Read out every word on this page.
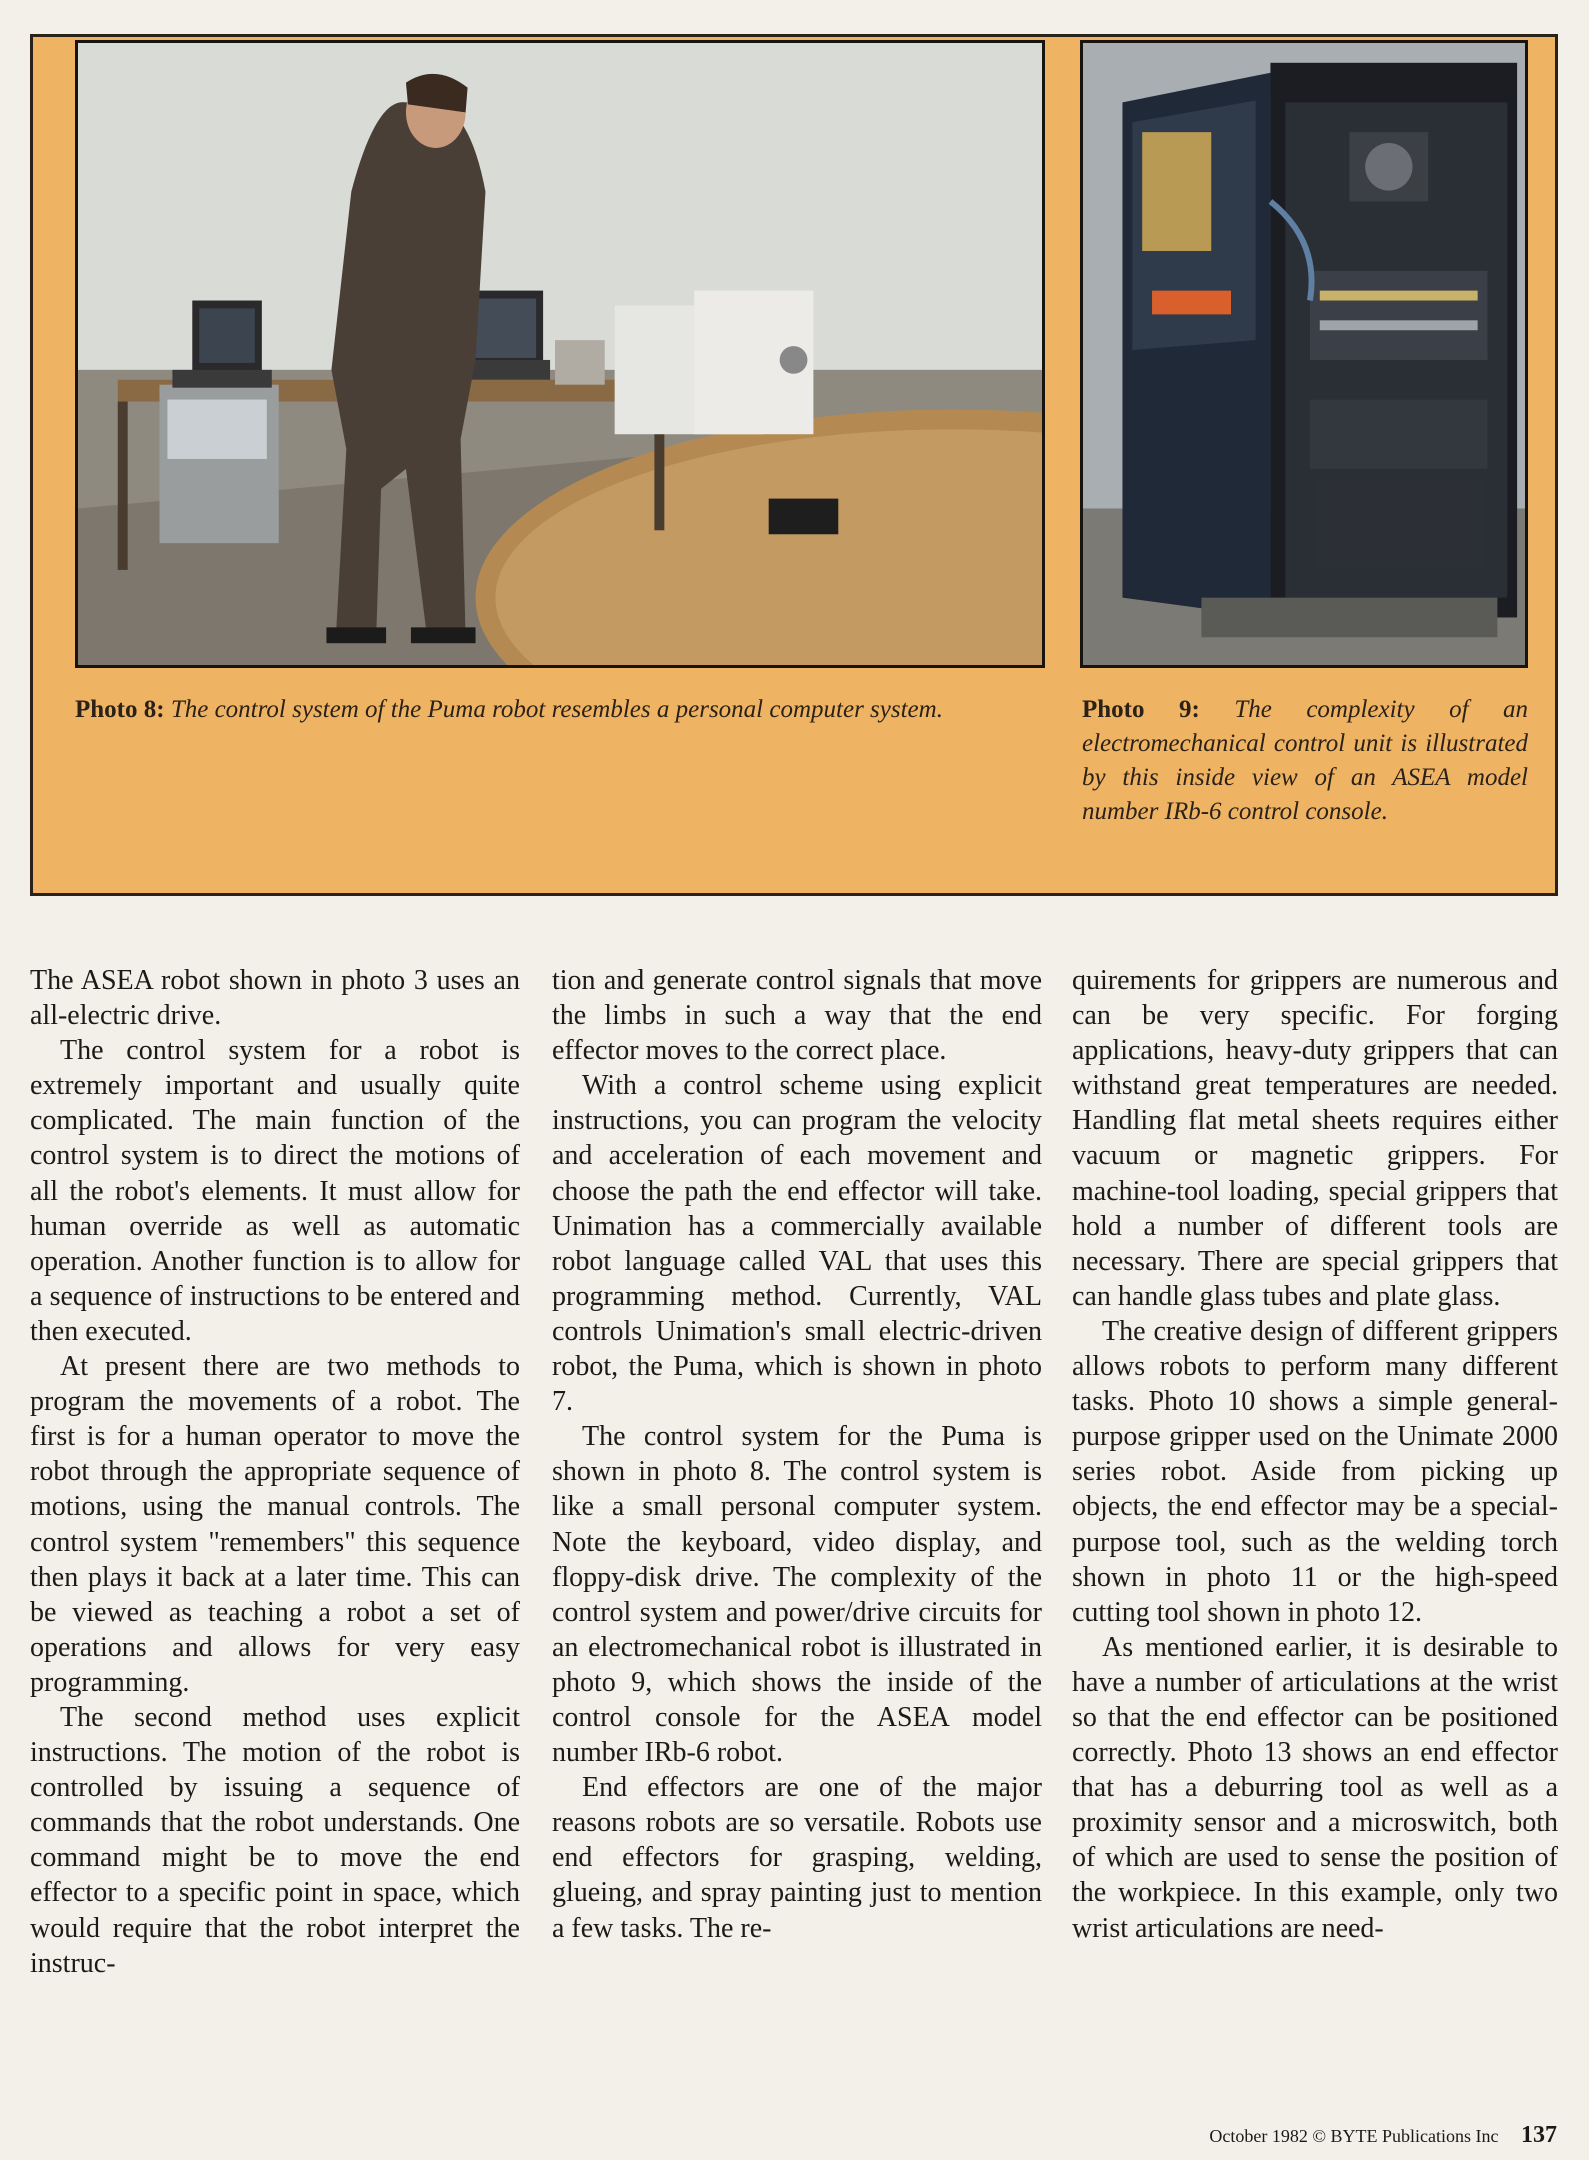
Photo 8: The control system of the Puma robot resembles a personal computer system.	Photo 9: The complexity of an electromechanical control unit is illustrated by this inside view of an ASEA model number IRb-6 control console.

The ASEA robot shown in photo 3 uses an all-electric drive.

The control system for a robot is extremely important and usually quite complicated. The main function of the control system is to direct the motions of all the robot's elements. It must allow for human override as well as automatic operation. Another function is to allow for a sequence of instructions to be entered and then executed.

At present there are two methods to program the movements of a robot. The first is for a human operator to move the robot through the appropriate sequence of motions, using the manual controls. The control system "remembers" this sequence then plays it back at a later time. This can be viewed as teaching a robot a set of operations and allows for very easy programming.

The second method uses explicit instructions. The motion of the robot is controlled by issuing a sequence of commands that the robot understands. One command might be to move the end effector to a specific point in space, which would require that the robot interpret the instruc-

tion and generate control signals that move the limbs in such a way that the end effector moves to the correct place.

With a control scheme using explicit instructions, you can program the velocity and acceleration of each movement and choose the path the end effector will take. Unimation has a commercially available robot language called VAL that uses this programming method. Currently, VAL controls Unimation's small electric-driven robot, the Puma, which is shown in photo 7.

The control system for the Puma is shown in photo 8. The control system is like a small personal computer system. Note the keyboard, video display, and floppy-disk drive. The complexity of the control system and power/drive circuits for an electromechanical robot is illustrated in photo 9, which shows the inside of the control console for the ASEA model number IRb-6 robot.

End effectors are one of the major reasons robots are so versatile. Robots use end effectors for grasping, welding, glueing, and spray painting just to mention a few tasks. The re-

quirements for grippers are numerous and can be very specific. For forging applications, heavy-duty grippers that can withstand great temperatures are needed. Handling flat metal sheets requires either vacuum or magnetic grippers. For machine-tool loading, special grippers that hold a number of different tools are necessary. There are special grippers that can handle glass tubes and plate glass.

The creative design of different grippers allows robots to perform many different tasks. Photo 10 shows a simple general-purpose gripper used on the Unimate 2000 series robot. Aside from picking up objects, the end effector may be a special-purpose tool, such as the welding torch shown in photo 11 or the high-speed cutting tool shown in photo 12.

As mentioned earlier, it is desirable to have a number of articulations at the wrist so that the end effector can be positioned correctly. Photo 13 shows an end effector that has a deburring tool as well as a proximity sensor and a microswitch, both of which are used to sense the position of the workpiece. In this example, only two wrist articulations are need-

October 1982 © BYTE Publications Inc 137
